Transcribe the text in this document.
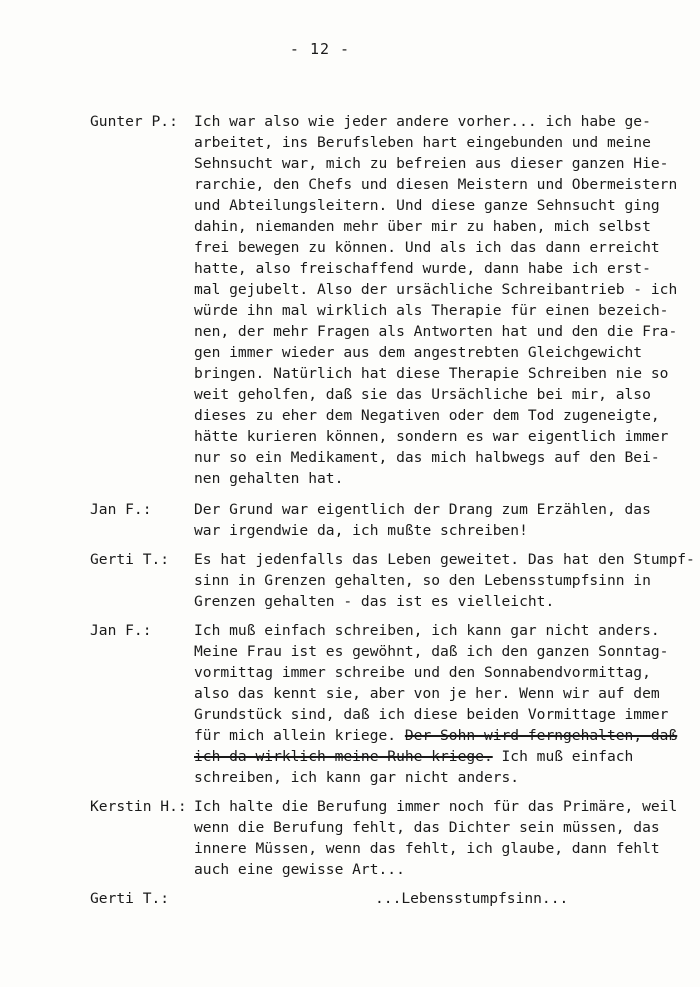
- 12 -
Gunter P.: Ich war also wie jeder andere vorher... ich habe ge-
arbeitet, ins Berufsleben hart eingebunden und meine
Sehnsucht war, mich zu befreien aus dieser ganzen Hie-
rarchie, den Chefs und diesen Meistern und Obermeistern
und Abteilungsleitern. Und diese ganze Sehnsucht ging
dahin, niemanden mehr über mir zu haben, mich selbst
frei bewegen zu können. Und als ich das dann erreicht
hatte, also freischaffend wurde, dann habe ich erst-
mal gejubelt. Also der ursächliche Schreibantrieb - ich
würde ihn mal wirklich als Therapie für einen bezeich-
nen, der mehr Fragen als Antworten hat und den die Fra-
gen immer wieder aus dem angestrebten Gleichgewicht
bringen. Natürlich hat diese Therapie Schreiben nie so
weit geholfen, daß sie das Ursächliche bei mir, also
dieses zu eher dem Negativen oder dem Tod zugeneigte,
hätte kurieren können, sondern es war eigentlich immer
nur so ein Medikament, das mich halbwegs auf den Bei-
nen gehalten hat.
Jan F.:	Der Grund war eigentlich der Drang zum Erzählen, das
war irgendwie da, ich mußte schreiben!
Gerti T.: Es hat jedenfalls das Leben geweitet. Das hat den Stumpf-
sinn in Grenzen gehalten, so den Lebensstumpfsinn in
Grenzen gehalten - das ist es vielleicht.
Jan F.:	Ich muß einfach schreiben, ich kann gar nicht anders.
Meine Frau ist es gewöhnt, daß ich den ganzen Sonntag-
vormittag immer schreibe und den Sonnabendvormittag,
also das kennt sie, aber von je her. Wenn wir auf dem
Grundstück sind, daß ich diese beiden Vormittage immer
für mich allein kriege. Der Sohn wird ferngehalten, daß
ich da wirklich meine Ruhe kriege. Ich muß einfach
schreiben, ich kann gar nicht anders.
Kerstin H.: Ich halte die Berufung immer noch für das Primäre, weil
wenn die Berufung fehlt, das Dichter sein müssen, das
innere Müssen, wenn das fehlt, ich glaube, dann fehlt
auch eine gewisse Art...
Gerti T.:	...Lebensstumpfsinn...
